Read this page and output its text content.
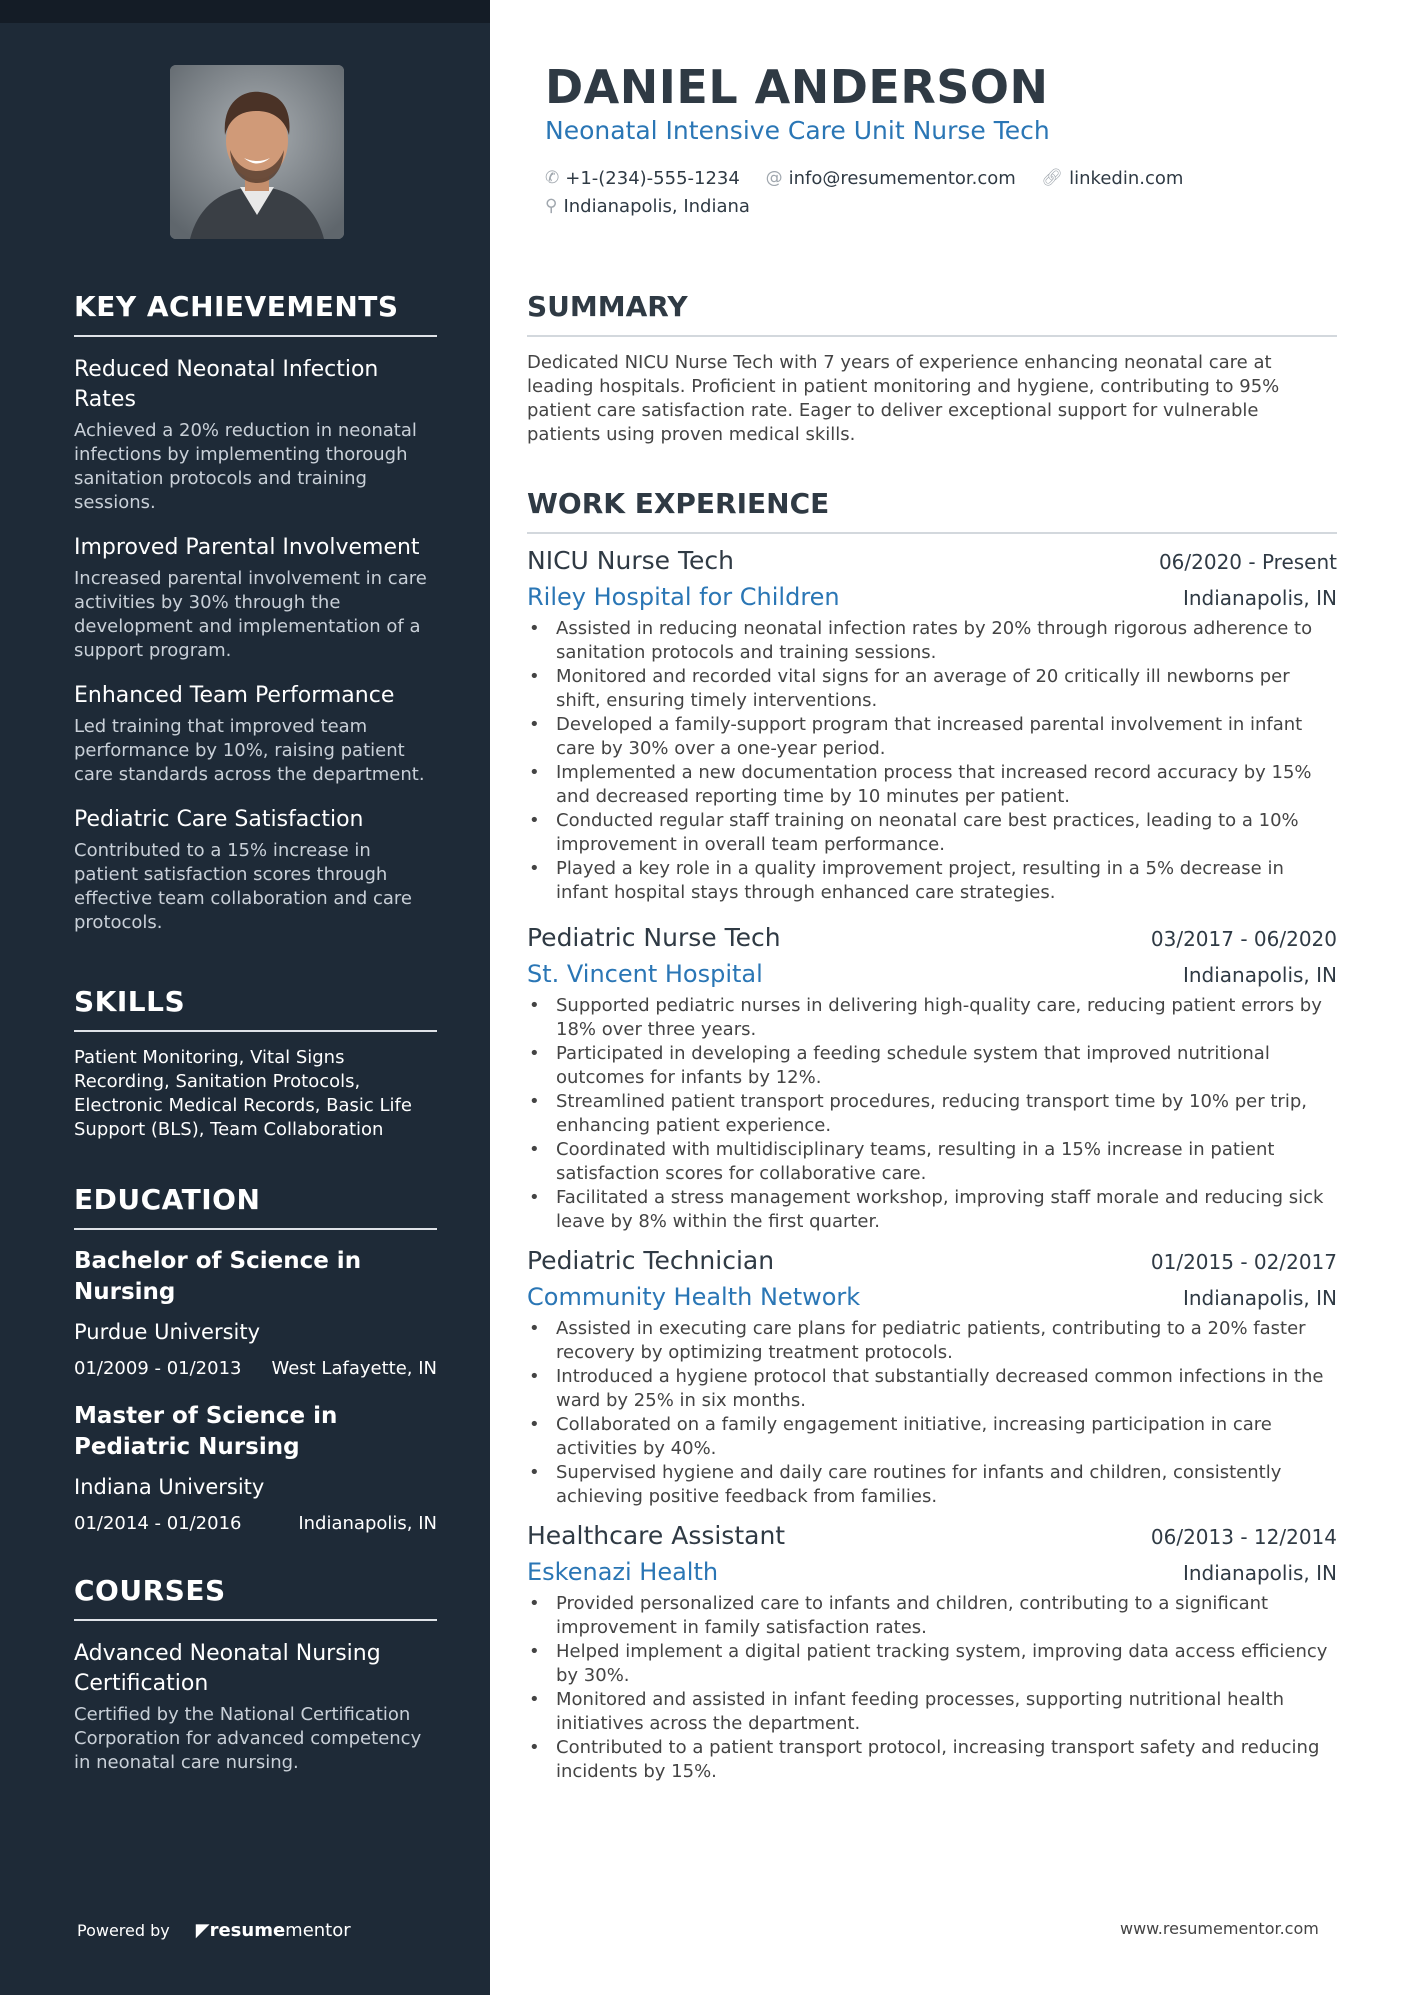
KEY ACHIEVEMENTS

Reduced Neonatal Infection Rates

Achieved a 20% reduction in neonatal infections by implementing thorough sanitation protocols and training sessions.

Improved Parental Involvement

Increased parental involvement in care activities by 30% through the development and implementation of a support program.

Enhanced Team Performance

Led training that improved team performance by 10%, raising patient care standards across the department.

Pediatric Care Satisfaction

Contributed to a 15% increase in patient satisfaction scores through effective team collaboration and care protocols.

SKILLS
Patient Monitoring, Vital Signs Recording, Sanitation Protocols, Electronic Medical Records, Basic Life Support (BLS), Team Collaboration
EDUCATION

Bachelor of Science in Nursing

Purdue University
01/2009 - 01/2013 West Lafayette, IN

Master of Science in Pediatric Nursing

Indiana University
01/2014 - 01/2016	Indianapolis, IN
COURSES

Advanced Neonatal Nursing Certification

Certified by the National Certification Corporation for advanced competency in neonatal care nursing.

Powered by ◤resumementor
DANIEL ANDERSON
Neonatal Intensive Care Unit Nurse Tech
✆ +1-(234)-555-1234
@ info@resumementor.com
🔗︎ linkedin.com
⚲ Indianapolis, Indiana
SUMMARY
Dedicated NICU Nurse Tech with 7 years of experience enhancing neonatal care at leading hospitals. Proficient in patient monitoring and hygiene, contributing to 95% patient care satisfaction rate. Eager to deliver exceptional support for vulnerable patients using proven medical skills.
WORK EXPERIENCE
NICU Nurse Tech	06/2020 - Present
Riley Hospital for Children	Indianapolis, IN
• Assisted in reducing neonatal infection rates by 20% through rigorous adherence to sanitation protocols and training sessions.
• Monitored and recorded vital signs for an average of 20 critically ill newborns per shift, ensuring timely interventions.
• Developed a family-support program that increased parental involvement in infant care by 30% over a one-year period.
• Implemented a new documentation process that increased record accuracy by 15% and decreased reporting time by 10 minutes per patient.
• Conducted regular staff training on neonatal care best practices, leading to a 10% improvement in overall team performance.
• Played a key role in a quality improvement project, resulting in a 5% decrease in infant hospital stays through enhanced care strategies.
Pediatric Nurse Tech	03/2017 - 06/2020
St. Vincent Hospital	Indianapolis, IN
• Supported pediatric nurses in delivering high-quality care, reducing patient errors by 18% over three years.
• Participated in developing a feeding schedule system that improved nutritional outcomes for infants by 12%.
• Streamlined patient transport procedures, reducing transport time by 10% per trip, enhancing patient experience.
• Coordinated with multidisciplinary teams, resulting in a 15% increase in patient satisfaction scores for collaborative care.
• Facilitated a stress management workshop, improving staff morale and reducing sick leave by 8% within the first quarter.
Pediatric Technician	01/2015 - 02/2017
Community Health Network	Indianapolis, IN
• Assisted in executing care plans for pediatric patients, contributing to a 20% faster recovery by optimizing treatment protocols.
• Introduced a hygiene protocol that substantially decreased common infections in the ward by 25% in six months.
• Collaborated on a family engagement initiative, increasing participation in care activities by 40%.
• Supervised hygiene and daily care routines for infants and children, consistently achieving positive feedback from families.
Healthcare Assistant	06/2013 - 12/2014
Eskenazi Health	Indianapolis, IN
• Provided personalized care to infants and children, contributing to a significant improvement in family satisfaction rates.
• Helped implement a digital patient tracking system, improving data access efficiency by 30%.
• Monitored and assisted in infant feeding processes, supporting nutritional health initiatives across the department.
• Contributed to a patient transport protocol, increasing transport safety and reducing incidents by 15%.
www.resumementor.com
